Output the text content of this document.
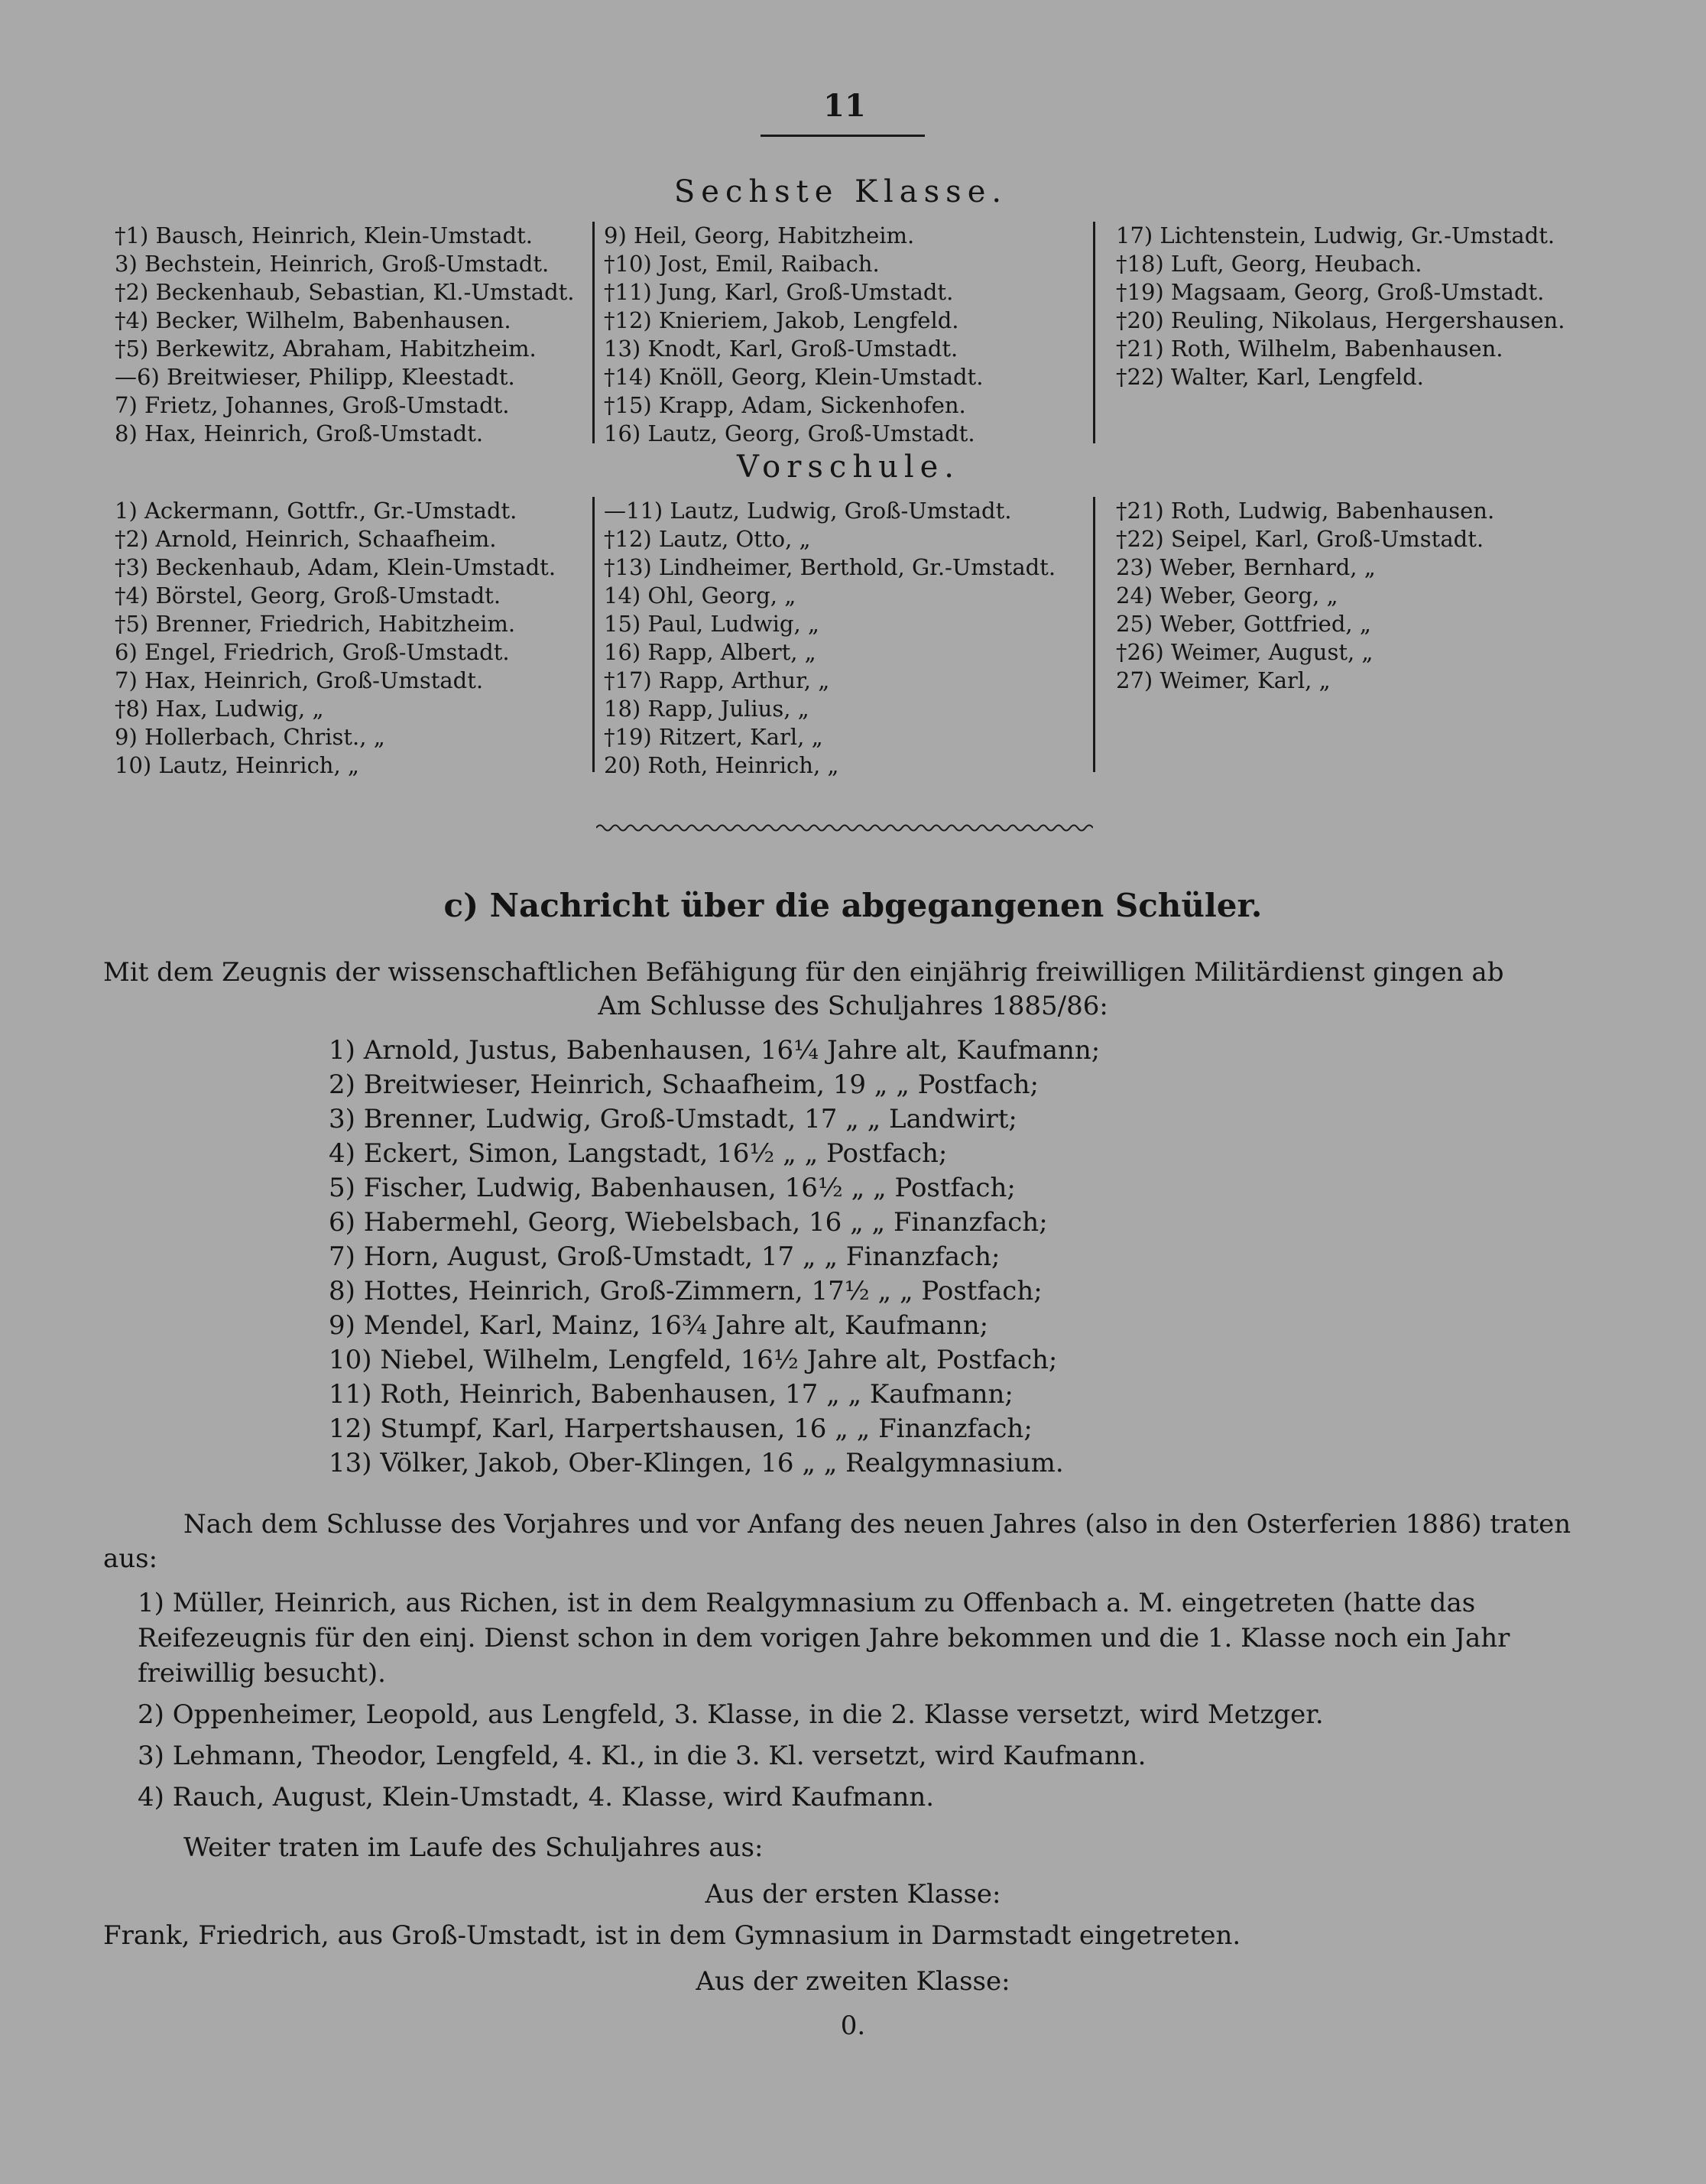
11
Sechste Klasse.
†1) Bausch, Heinrich, Klein-Umstadt.
3) Bechstein, Heinrich, Groß-Umstadt.
†2) Beckenhaub, Sebastian, Kl.-Umstadt.
†4) Becker, Wilhelm, Babenhausen.
†5) Berkewitz, Abraham, Habitzheim.
—6) Breitwieser, Philipp, Kleestadt.
7) Frietz, Johannes, Groß-Umstadt.
8) Hax, Heinrich, Groß-Umstadt.
9) Heil, Georg, Habitzheim.
†10) Jost, Emil, Raibach.
†11) Jung, Karl, Groß-Umstadt.
†12) Knieriem, Jakob, Lengfeld.
13) Knodt, Karl, Groß-Umstadt.
†14) Knöll, Georg, Klein-Umstadt.
†15) Krapp, Adam, Sickenhofen.
16) Lautz, Georg, Groß-Umstadt.
17) Lichtenstein, Ludwig, Gr.-Umstadt.
†18) Luft, Georg, Heubach.
†19) Magsaam, Georg, Groß-Umstadt.
†20) Reuling, Nikolaus, Hergershausen.
†21) Roth, Wilhelm, Babenhausen.
†22) Walter, Karl, Lengfeld.
Vorschule.
1) Ackermann, Gottfr., Gr.-Umstadt.
†2) Arnold, Heinrich, Schaafheim.
†3) Beckenhaub, Adam, Klein-Umstadt.
†4) Börstel, Georg, Groß-Umstadt.
†5) Brenner, Friedrich, Habitzheim.
6) Engel, Friedrich, Groß-Umstadt.
7) Hax, Heinrich, Groß-Umstadt.
†8) Hax, Ludwig, „
9) Hollerbach, Christ., „
10) Lautz, Heinrich, „
—11) Lautz, Ludwig, Groß-Umstadt.
†12) Lautz, Otto, „
†13) Lindheimer, Berthold, Gr.-Umstadt.
14) Ohl, Georg, „
15) Paul, Ludwig, „
16) Rapp, Albert, „
†17) Rapp, Arthur, „
18) Rapp, Julius, „
†19) Ritzert, Karl, „
20) Roth, Heinrich, „
†21) Roth, Ludwig, Babenhausen.
†22) Seipel, Karl, Groß-Umstadt.
23) Weber, Bernhard, „
24) Weber, Georg, „
25) Weber, Gottfried, „
†26) Weimer, August, „
27) Weimer, Karl, „
c) Nachricht über die abgegangenen Schüler.
Mit dem Zeugnis der wissenschaftlichen Befähigung für den einjährig freiwilligen Militärdienst gingen ab
Am Schlusse des Schuljahres 1885/86:
1) Arnold, Justus, Babenhausen, 16¼ Jahre alt, Kaufmann;
2) Breitwieser, Heinrich, Schaafheim, 19 „ „ Postfach;
3) Brenner, Ludwig, Groß-Umstadt, 17 „ „ Landwirt;
4) Eckert, Simon, Langstadt, 16½ „ „ Postfach;
5) Fischer, Ludwig, Babenhausen, 16½ „ „ Postfach;
6) Habermehl, Georg, Wiebelsbach, 16 „ „ Finanzfach;
7) Horn, August, Groß-Umstadt, 17 „ „ Finanzfach;
8) Hottes, Heinrich, Groß-Zimmern, 17½ „ „ Postfach;
9) Mendel, Karl, Mainz, 16¾ Jahre alt, Kaufmann;
10) Niebel, Wilhelm, Lengfeld, 16½ Jahre alt, Postfach;
11) Roth, Heinrich, Babenhausen, 17 „ „ Kaufmann;
12) Stumpf, Karl, Harpertshausen, 16 „ „ Finanzfach;
13) Völker, Jakob, Ober-Klingen, 16 „ „ Realgymnasium.

Nach dem Schlusse des Vorjahres und vor Anfang des neuen Jahres (also in den Osterferien 1886) traten aus:

1) Müller, Heinrich, aus Richen, ist in dem Realgymnasium zu Offenbach a. M. eingetreten (hatte das Reifezeugnis für den einj. Dienst schon in dem vorigen Jahre bekommen und die 1. Klasse noch ein Jahr freiwillig besucht).
2) Oppenheimer, Leopold, aus Lengfeld, 3. Klasse, in die 2. Klasse versetzt, wird Metzger.
3) Lehmann, Theodor, Lengfeld, 4. Kl., in die 3. Kl. versetzt, wird Kaufmann.
4) Rauch, August, Klein-Umstadt, 4. Klasse, wird Kaufmann.
Weiter traten im Laufe des Schuljahres aus:
Aus der ersten Klasse:
Frank, Friedrich, aus Groß-Umstadt, ist in dem Gymnasium in Darmstadt eingetreten.
Aus der zweiten Klasse:
0.
